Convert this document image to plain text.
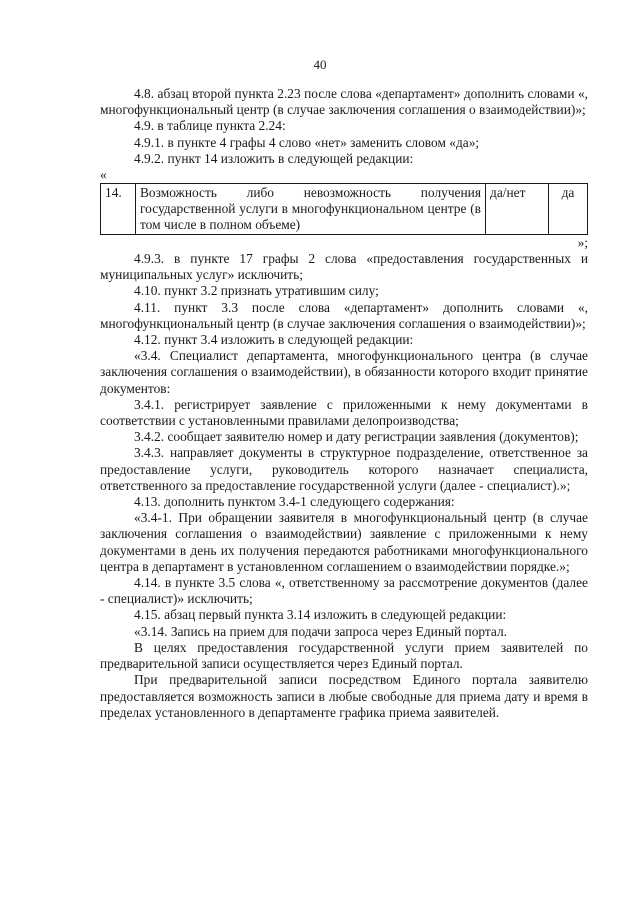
40

4.8. абзац второй пункта 2.23 после слова «департамент» дополнить словами «, многофункциональный центр (в случае заключения соглашения о взаимодействии)»;

4.9. в таблице пункта 2.24:

4.9.1. в пункте 4 графы 4 слово «нет» заменить словом «да»;

4.9.2. пункт 14 изложить в следующей редакции:

«

14.	Возможность либо невозможность получения государственной услуги в многофункциональном центре (в том числе в полном объеме)	да/нет	да

»;

4.9.3. в пункте 17 графы 2 слова «предоставления государственных и муниципальных услуг» исключить;

4.10. пункт 3.2 признать утратившим силу;

4.11. пункт 3.3 после слова «департамент» дополнить словами «, многофункциональный центр (в случае заключения соглашения о взаимодействии)»;

4.12. пункт 3.4 изложить в следующей редакции:

«3.4. Специалист департамента, многофункционального центра (в случае заключения соглашения о взаимодействии), в обязанности которого входит принятие документов:

3.4.1. регистрирует заявление с приложенными к нему документами в соответствии с установленными правилами делопроизводства;

3.4.2. сообщает заявителю номер и дату регистрации заявления (документов);

3.4.3. направляет документы в структурное подразделение, ответственное за предоставление услуги, руководитель которого назначает специалиста, ответственного за предоставление государственной услуги (далее - специалист).»;

4.13. дополнить пунктом 3.4-1 следующего содержания:

«3.4-1. При обращении заявителя в многофункциональный центр (в случае заключения соглашения о взаимодействии) заявление с приложенными к нему документами в день их получения передаются работниками многофункционального центра в департамент в установленном соглашением о взаимодействии порядке.»;

4.14. в пункте 3.5 слова «, ответственному за рассмотрение документов (далее - специалист)» исключить;

4.15. абзац первый пункта 3.14 изложить в следующей редакции:

«3.14. Запись на прием для подачи запроса через Единый портал.

В целях предоставления государственной услуги прием заявителей по предварительной записи осуществляется через Единый портал.

При предварительной записи посредством Единого портала заявителю предоставляется возможность записи в любые свободные для приема дату и время в пределах установленного в департаменте графика приема заявителей.
